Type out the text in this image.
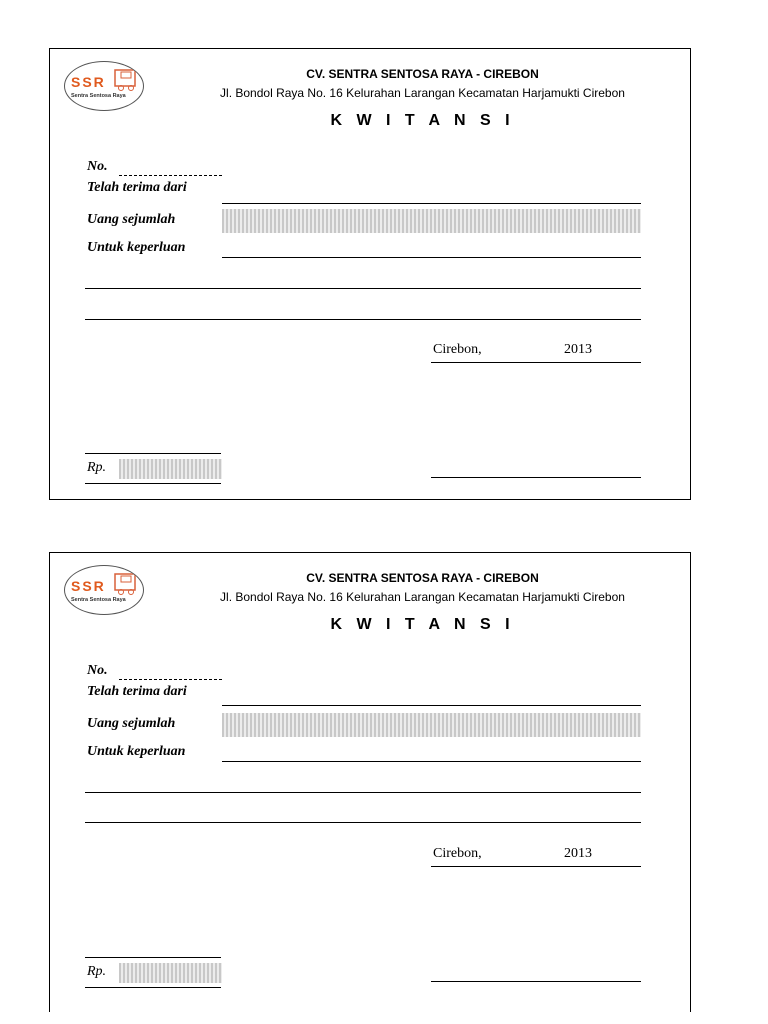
SSR
Sentra Sentosa Raya
CV. SENTRA SENTOSA RAYA - CIREBON
Jl. Bondol Raya No. 16 Kelurahan Larangan Kecamatan Harjamukti Cirebon
K W I T A N S I
No.
Telah terima dari
Uang sejumlah
Untuk keperluan
Cirebon,	2013
Rp.
SSR
Sentra Sentosa Raya
CV. SENTRA SENTOSA RAYA - CIREBON
Jl. Bondol Raya No. 16 Kelurahan Larangan Kecamatan Harjamukti Cirebon
K W I T A N S I
No.
Telah terima dari
Uang sejumlah
Untuk keperluan
Cirebon,	2013
Rp.
